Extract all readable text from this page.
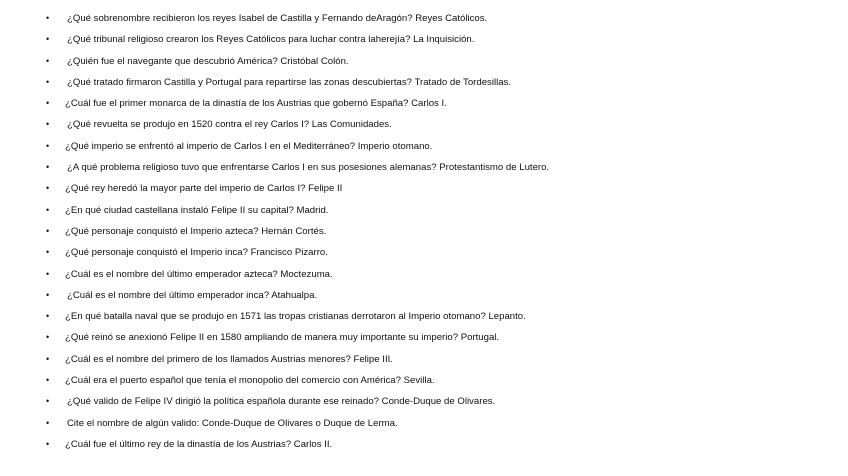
• ¿Qué sobrenombre recibieron los reyes Isabel de Castilla y Fernando deAragón? Reyes Católicos.
• ¿Qué tribunal religioso crearon los Reyes Católicos para luchar contra laherejía? La Inquisición.
• ¿Quién fue el navegante que descubrió América? Cristóbal Colón.
• ¿Qué tratado firmaron Castilla y Portugal para repartirse las zonas descubiertas? Tratado de Tordesillas.
• ¿Cuál fue el primer monarca de la dinastía de los Austrias que gobernó España? Carlos I.
• ¿Qué revuelta se produjo en 1520 contra el rey Carlos I? Las Comunidades.
• ¿Qué imperio se enfrentó al imperio de Carlos I en el Mediterráneo? Imperio otomano.
• ¿A qué problema religioso tuvo que enfrentarse Carlos I en sus posesiones alemanas? Protestantismo de Lutero.
• ¿Qué rey heredó la mayor parte del imperio de Carlos I? Felipe II
• ¿En qué ciudad castellana instaló Felipe II su capital? Madrid.
• ¿Qué personaje conquistó el Imperio azteca? Hernán Cortés.
• ¿Qué personaje conquistó el Imperio inca? Francisco Pizarro.
• ¿Cuál es el nombre del último emperador azteca? Moctezuma.
• ¿Cuál es el nombre del último emperador inca? Atahualpa.
• ¿En qué batalla naval que se produjo en 1571 las tropas cristianas derrotaron al Imperio otomano? Lepanto.
• ¿Qué reinó se anexionó Felipe II en 1580 ampliando de manera muy importante su imperio? Portugal.
• ¿Cuál es el nombre del primero de los llamados Austrias menores? Felipe III.
• ¿Cuál era el puerto español que tenía el monopolio del comercio con América? Sevilla.
• ¿Qué valido de Felipe IV dirigió la política española durante ese reinado? Conde-Duque de Olivares.
• Cite el nombre de algún valido: Conde-Duque de Olivares o Duque de Lerma.
• ¿Cuál fue el último rey de la dinastía de los Austrias? Carlos II.
